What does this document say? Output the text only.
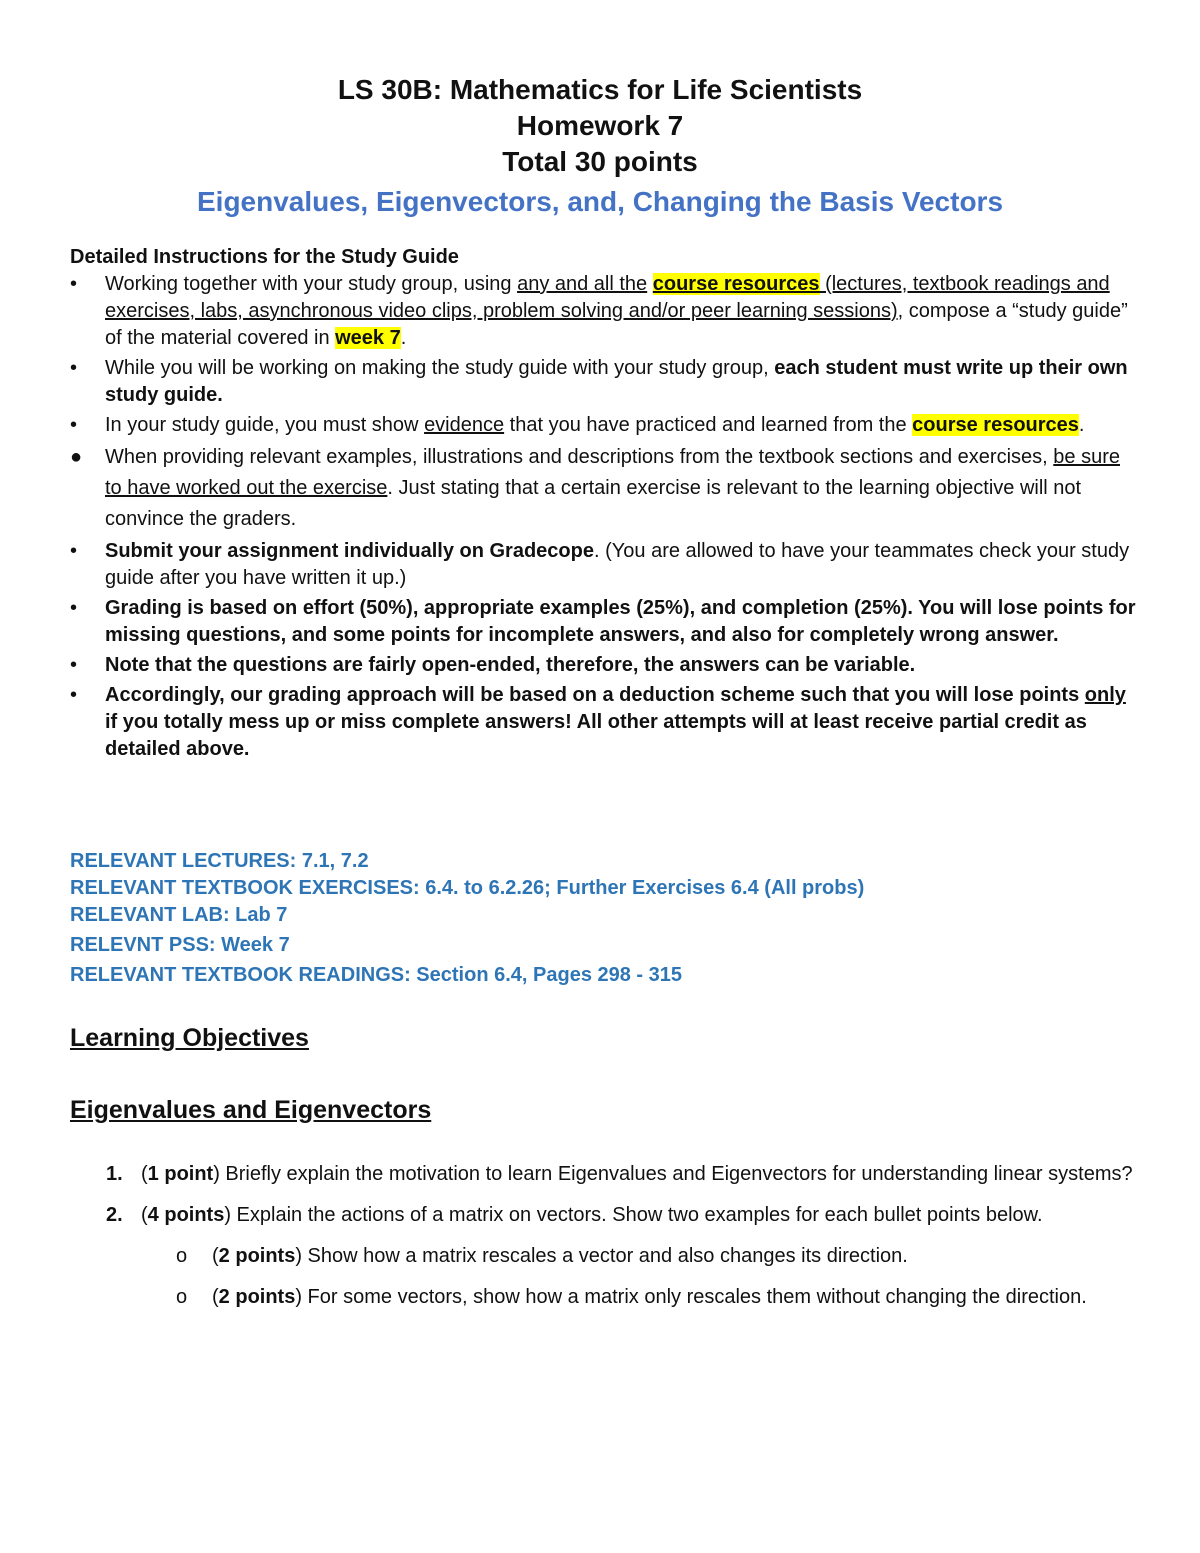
LS 30B: Mathematics for Life Scientists
Homework 7
Total 30 points
Eigenvalues, Eigenvectors, and, Changing the Basis Vectors
Detailed Instructions for the Study Guide
• Working together with your study group, using any and all the course resources (lectures, textbook readings and exercises, labs, asynchronous video clips, problem solving and/or peer learning sessions), compose a “study guide” of the material covered in week 7.
• While you will be working on making the study guide with your study group, each student must write up their own study guide.
• In your study guide, you must show evidence that you have practiced and learned from the course resources.
● When providing relevant examples, illustrations and descriptions from the textbook sections and exercises, be sure to have worked out the exercise. Just stating that a certain exercise is relevant to the learning objective will not convince the graders.
• Submit your assignment individually on Gradecope. (You are allowed to have your teammates check your study guide after you have written it up.)
• Grading is based on effort (50%), appropriate examples (25%), and completion (25%). You will lose points for missing questions, and some points for incomplete answers, and also for completely wrong answer.
• Note that the questions are fairly open-ended, therefore, the answers can be variable.
• Accordingly, our grading approach will be based on a deduction scheme such that you will lose points only if you totally mess up or miss complete answers! All other attempts will at least receive partial credit as detailed above.
RELEVANT LECTURES: 7.1, 7.2
RELEVANT TEXTBOOK EXERCISES: 6.4. to 6.2.26; Further Exercises 6.4 (All probs)
RELEVANT LAB: Lab 7
RELEVNT PSS: Week 7
RELEVANT TEXTBOOK READINGS: Section 6.4, Pages 298 - 315
Learning Objectives
Eigenvalues and Eigenvectors
1. (1 point) Briefly explain the motivation to learn Eigenvalues and Eigenvectors for understanding linear systems?
2. (4 points) Explain the actions of a matrix on vectors. Show two examples for each bullet points below.
o (2 points) Show how a matrix rescales a vector and also changes its direction.
o (2 points) For some vectors, show how a matrix only rescales them without changing the direction.
